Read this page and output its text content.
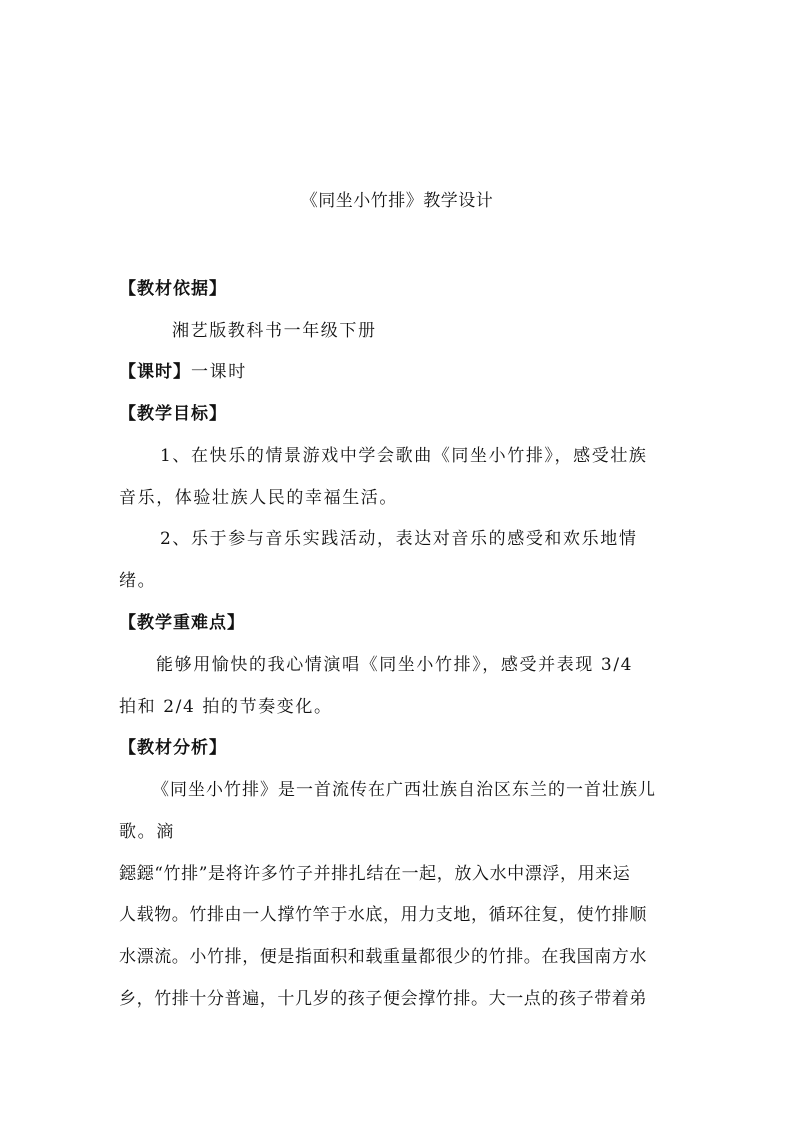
《同坐小竹排》教学设计
【教材依据】
湘艺版教科书一年级下册
【课时】一课时
【教学目标】
1、在快乐的情景游戏中学会歌曲《同坐小竹排》，感受壮族
音乐，体验壮族人民的幸福生活。
2、乐于参与音乐实践活动，表达对音乐的感受和欢乐地情
绪。
【教学重难点】
能够用愉快的我心情演唱《同坐小竹排》，感受并表现 3/4
拍和 2/4 拍的节奏变化。
【教材分析】
《同坐小竹排》是一首流传在广西壮族自治区东兰的一首壮族儿
歌。滳
鐚鐚“竹排”是将许多竹子并排扎结在一起，放入水中漂浮，用来运
人载物。竹排由一人撑竹竿于水底，用力支地，循环往复，使竹排顺
水漂流。小竹排，便是指面积和载重量都很少的竹排。在我国南方水
乡，竹排十分普遍，十几岁的孩子便会撑竹排。大一点的孩子带着弟
